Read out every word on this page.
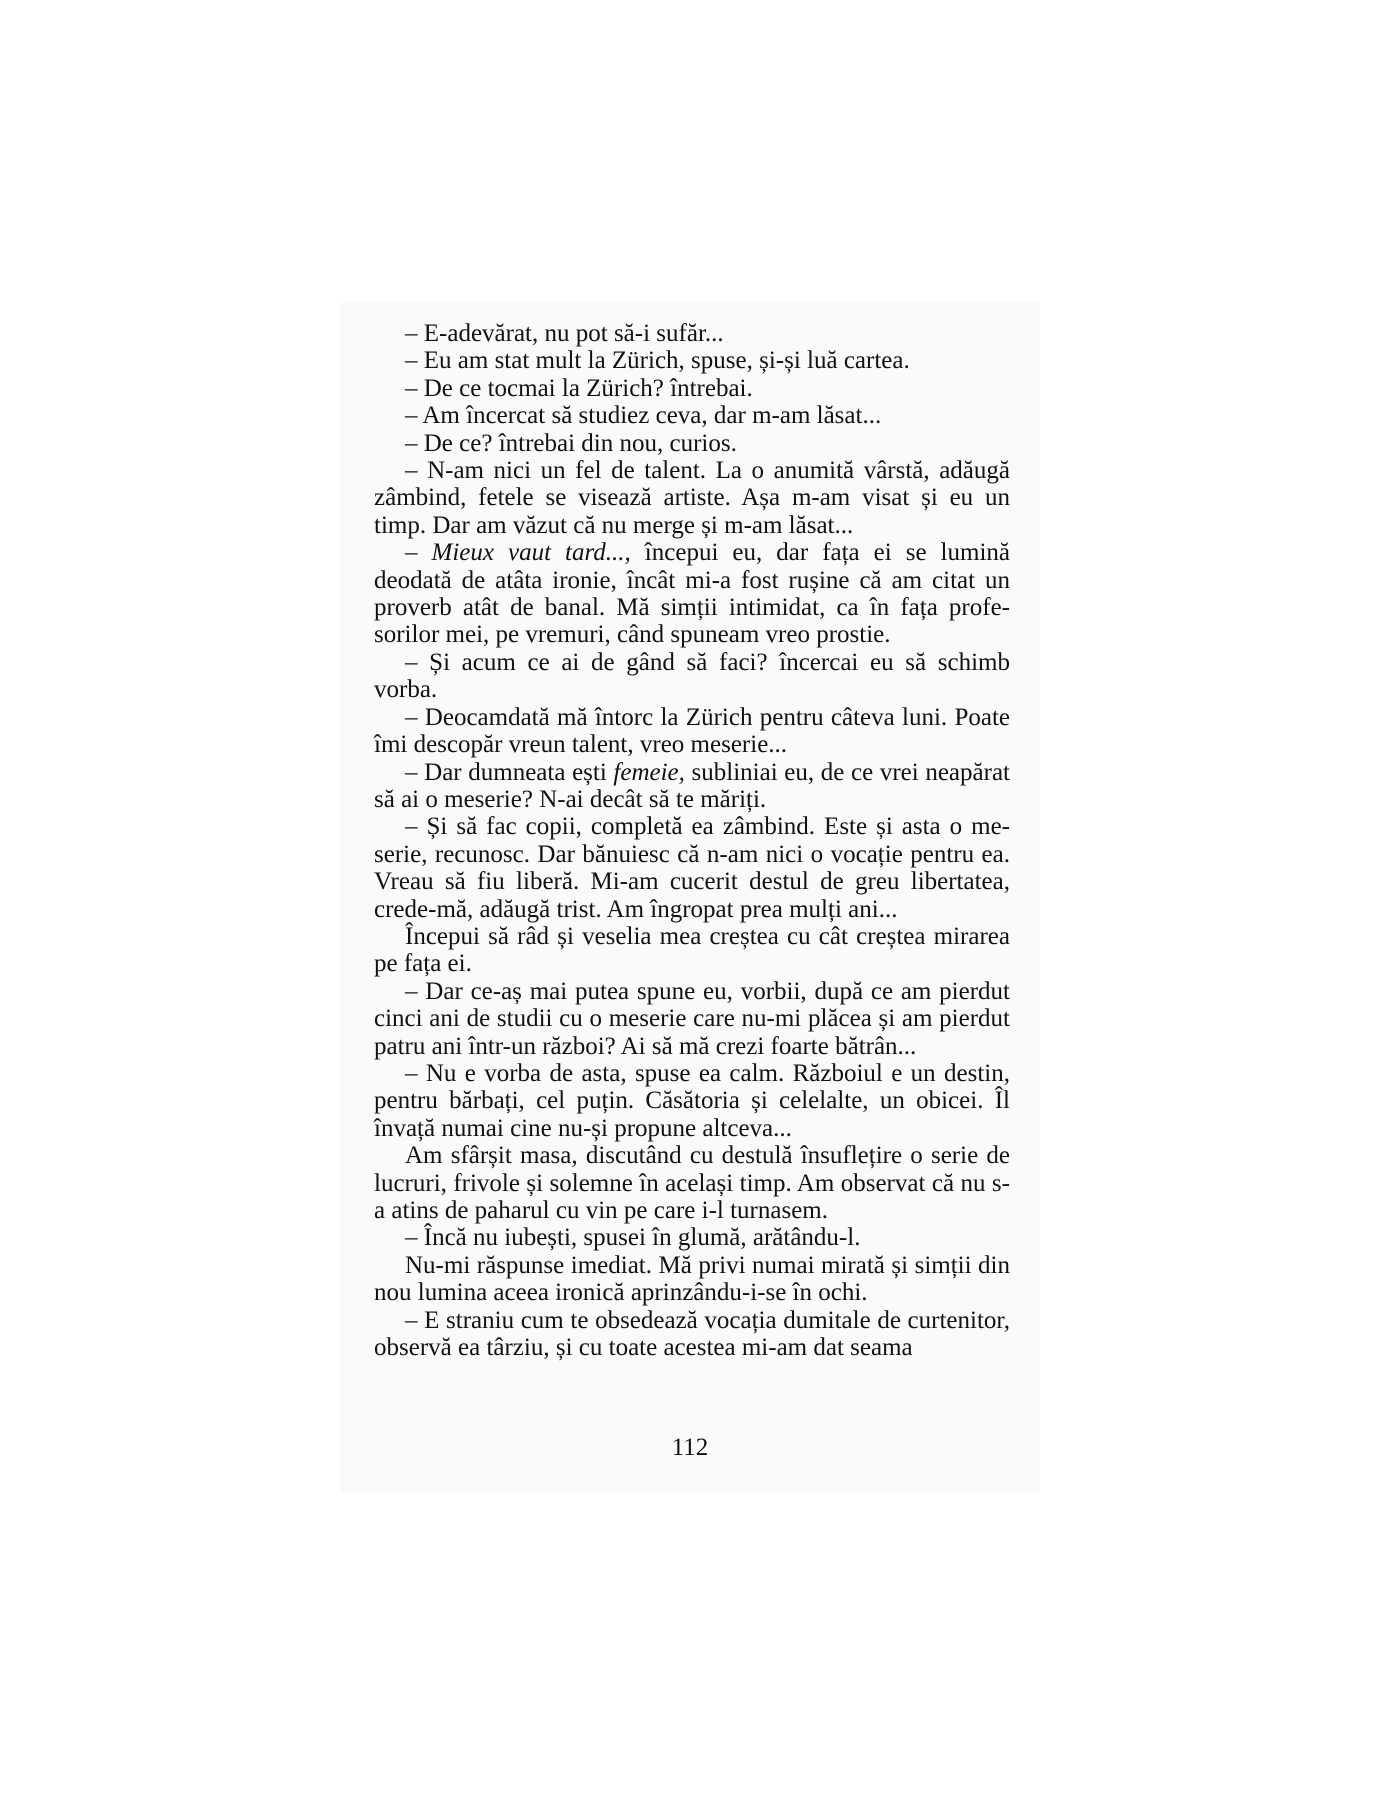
– E-adevărat, nu pot să-i sufăr...

– Eu am stat mult la Zürich, spuse, și-și luă cartea.

– De ce tocmai la Zürich? întrebai.

– Am încercat să studiez ceva, dar m-am lăsat...

– De ce? întrebai din nou, curios.

– N-am nici un fel de talent. La o anumită vârstă, adăugă zâmbind, fetele se visează artiste. Așa m-am visat și eu un timp. Dar am văzut că nu merge și m-am lăsat...

– Mieux vaut tard..., începui eu, dar fața ei se lumină deodată de atâta ironie, încât mi-a fost rușine că am citat un proverb atât de banal. Mă simții intimidat, ca în fața profesorilor mei, pe vremuri, când spuneam vreo prostie.

– Și acum ce ai de gând să faci? încercai eu să schimb vorba.

– Deocamdată mă întorc la Zürich pentru câteva luni. Poate îmi descopăr vreun talent, vreo meserie...

– Dar dumneata ești femeie, subliniai eu, de ce vrei neapărat să ai o meserie? N-ai decât să te măriți.

– Și să fac copii, completă ea zâmbind. Este și asta o meserie, recunosc. Dar bănuiesc că n-am nici o vocație pentru ea. Vreau să fiu liberă. Mi-am cucerit destul de greu libertatea, crede-mă, adăugă trist. Am îngropat prea mulți ani...

Începui să râd și veselia mea creștea cu cât creștea mirarea pe fața ei.

– Dar ce-aș mai putea spune eu, vorbii, după ce am pierdut cinci ani de studii cu o meserie care nu-mi plăcea și am pierdut patru ani într-un război? Ai să mă crezi foarte bătrân...

– Nu e vorba de asta, spuse ea calm. Războiul e un destin, pentru bărbați, cel puțin. Căsătoria și celelalte, un obicei. Îl învață numai cine nu-și propune altceva...

Am sfârșit masa, discutând cu destulă însuflețire o serie de lucruri, frivole și solemne în același timp. Am observat că nu s-a atins de paharul cu vin pe care i-l turnasem.

– Încă nu iubești, spusei în glumă, arătându-l.

Nu-mi răspunse imediat. Mă privi numai mirată și simții din nou lumina aceea ironică aprinzându-i-se în ochi.

– E straniu cum te obsedează vocația dumitale de curtenitor, observă ea târziu, și cu toate acestea mi-am dat seama

112
